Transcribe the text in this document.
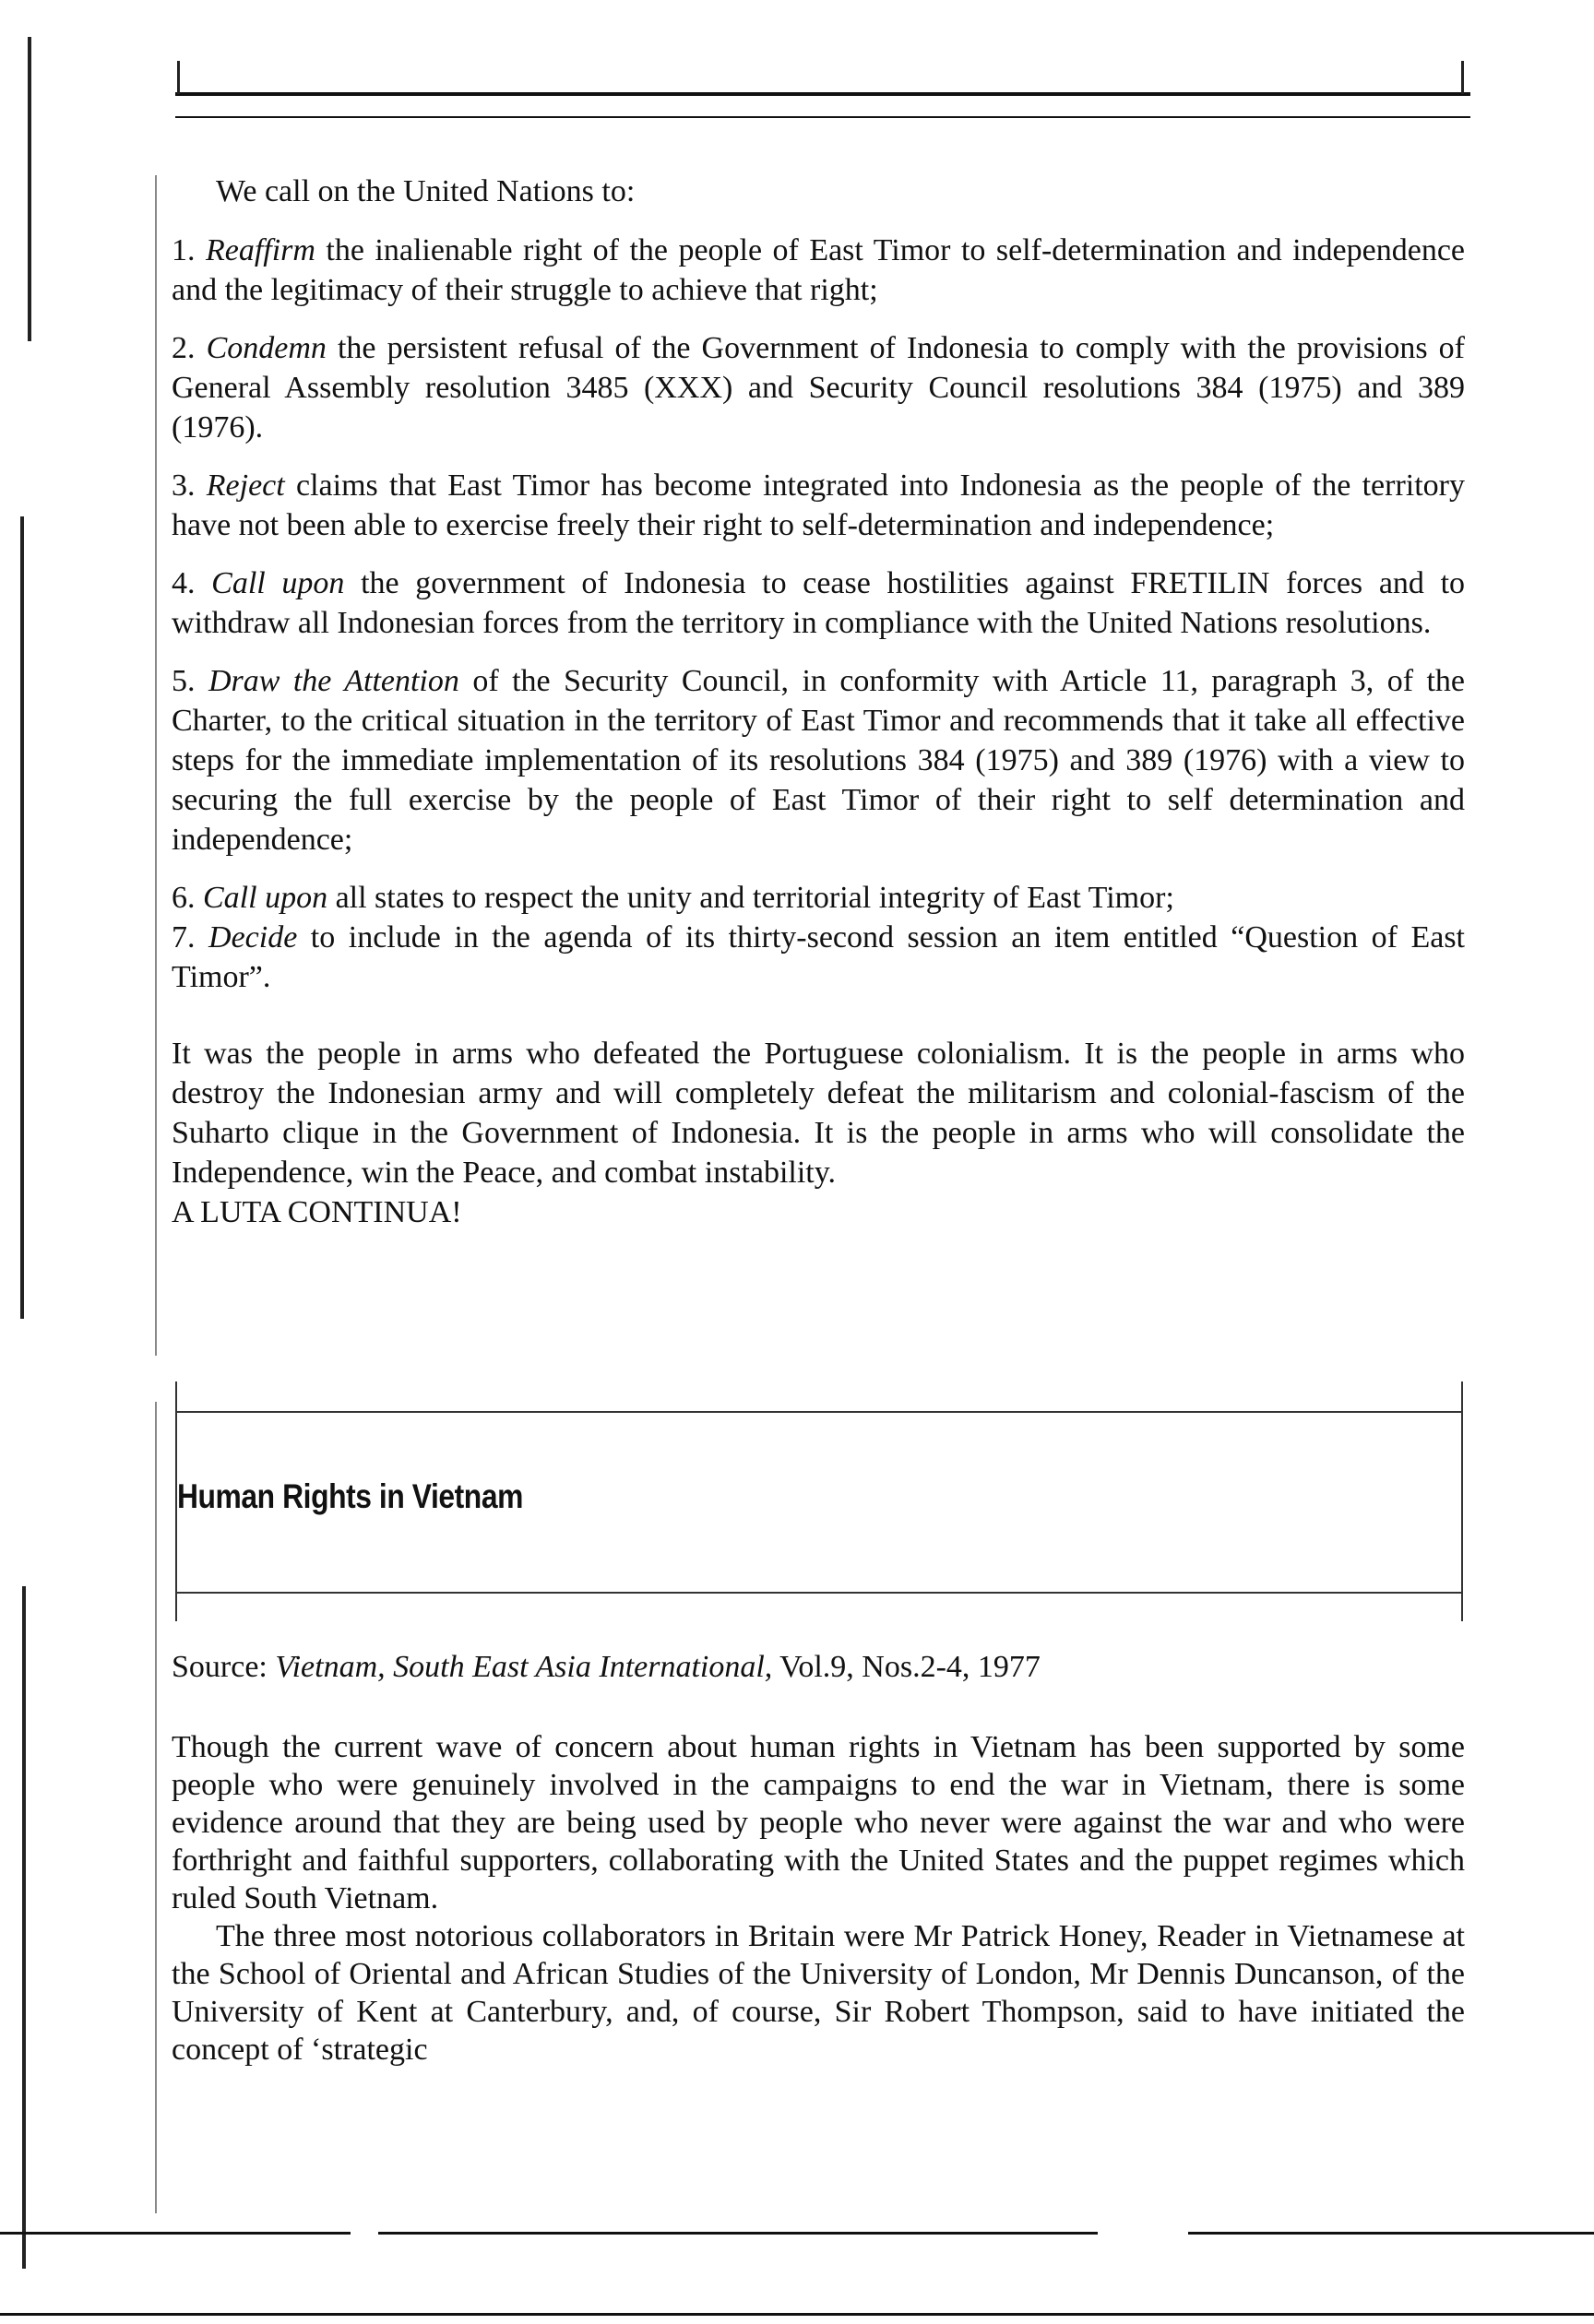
We call on the United Nations to:

1. Reaffirm the inalienable right of the people of East Timor to self-determination and independence and the legitimacy of their struggle to achieve that right;

2. Condemn the persistent refusal of the Government of Indonesia to comply with the provisions of General Assembly resolution 3485 (XXX) and Security Council resolutions 384 (1975) and 389 (1976).

3. Reject claims that East Timor has become integrated into Indonesia as the people of the territory have not been able to exercise freely their right to self-determination and independence;

4. Call upon the government of Indonesia to cease hostilities against FRETILIN forces and to withdraw all Indonesian forces from the territory in compliance with the United Nations resolutions.

5. Draw the Attention of the Security Council, in conformity with Article 11, paragraph 3, of the Charter, to the critical situation in the territory of East Timor and recommends that it take all effective steps for the immediate implementation of its resolutions 384 (1975) and 389 (1976) with a view to securing the full exercise by the people of East Timor of their right to self determination and independence;

6. Call upon all states to respect the unity and territorial integrity of East Timor;

7. Decide to include in the agenda of its thirty-second session an item entitled “Question of East Timor”.

It was the people in arms who defeated the Portuguese colonialism. It is the people in arms who destroy the Indonesian army and will completely defeat the militarism and colonial-fascism of the Suharto clique in the Government of Indonesia. It is the people in arms who will consolidate the Independence, win the Peace, and combat instability.

A LUTA CONTINUA!

Human Rights in Vietnam
Source: Vietnam, South East Asia International, Vol.9, Nos.2-4, 1977

Though the current wave of concern about human rights in Vietnam has been supported by some people who were genuinely involved in the campaigns to end the war in Vietnam, there is some evidence around that they are being used by people who never were against the war and who were forthright and faithful supporters, collaborating with the United States and the puppet regimes which ruled South Vietnam.

The three most notorious collaborators in Britain were Mr Patrick Honey, Reader in Vietnamese at the School of Oriental and African Studies of the University of London, Mr Dennis Duncanson, of the University of Kent at Canterbury, and, of course, Sir Robert Thompson, said to have initiated the concept of ‘strategic
